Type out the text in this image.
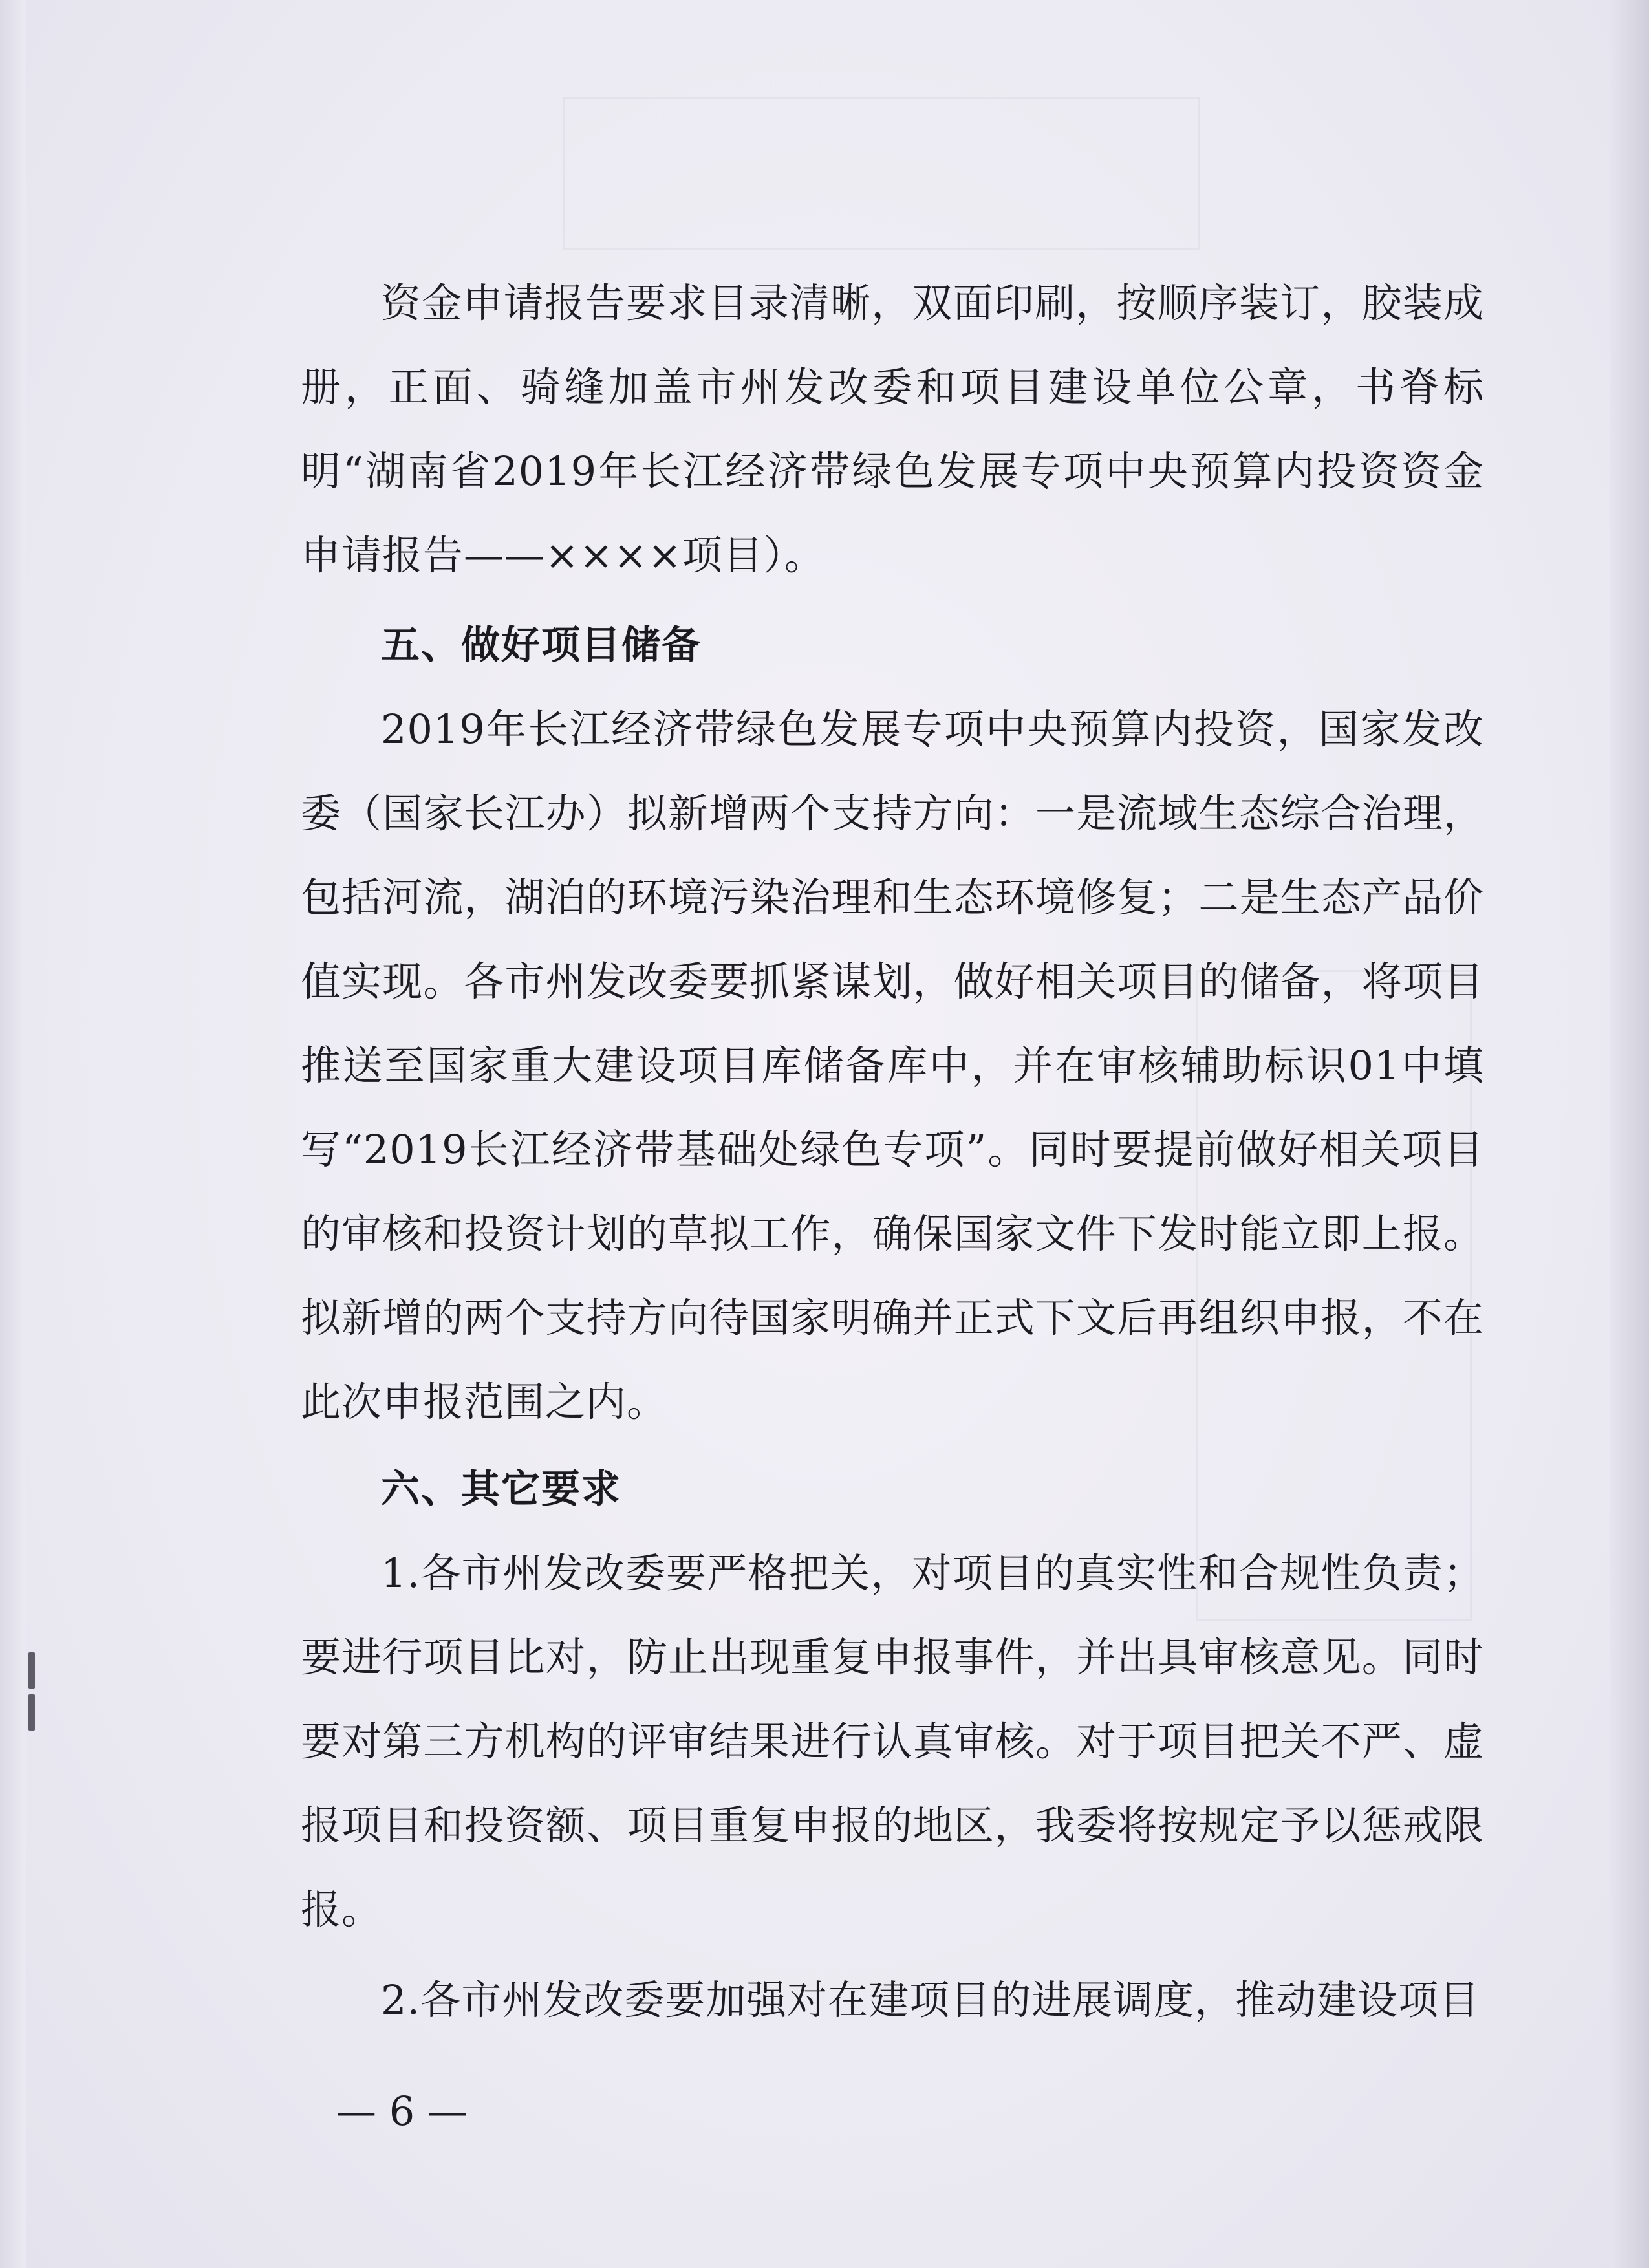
资金申请报告要求目录清晰，双面印刷，按顺序装订，胶装成册，正面、骑缝加盖市州发改委和项目建设单位公章，书脊标明“湖南省2019年长江经济带绿色发展专项中央预算内投资资金申请报告——××××项目）。

五、做好项目储备

2019年长江经济带绿色发展专项中央预算内投资，国家发改委（国家长江办）拟新增两个支持方向：一是流域生态综合治理，包括河流，湖泊的环境污染治理和生态环境修复；二是生态产品价值实现。各市州发改委要抓紧谋划，做好相关项目的储备，将项目推送至国家重大建设项目库储备库中，并在审核辅助标识01中填写“2019长江经济带基础处绿色专项”。同时要提前做好相关项目的审核和投资计划的草拟工作，确保国家文件下发时能立即上报。拟新增的两个支持方向待国家明确并正式下文后再组织申报，不在此次申报范围之内。

六、其它要求

1.各市州发改委要严格把关，对项目的真实性和合规性负责；要进行项目比对，防止出现重复申报事件，并出具审核意见。同时要对第三方机构的评审结果进行认真审核。对于项目把关不严、虚报项目和投资额、项目重复申报的地区，我委将按规定予以惩戒限报。

2.各市州发改委要加强对在建项目的进展调度，推动建设项目

— 6 —
